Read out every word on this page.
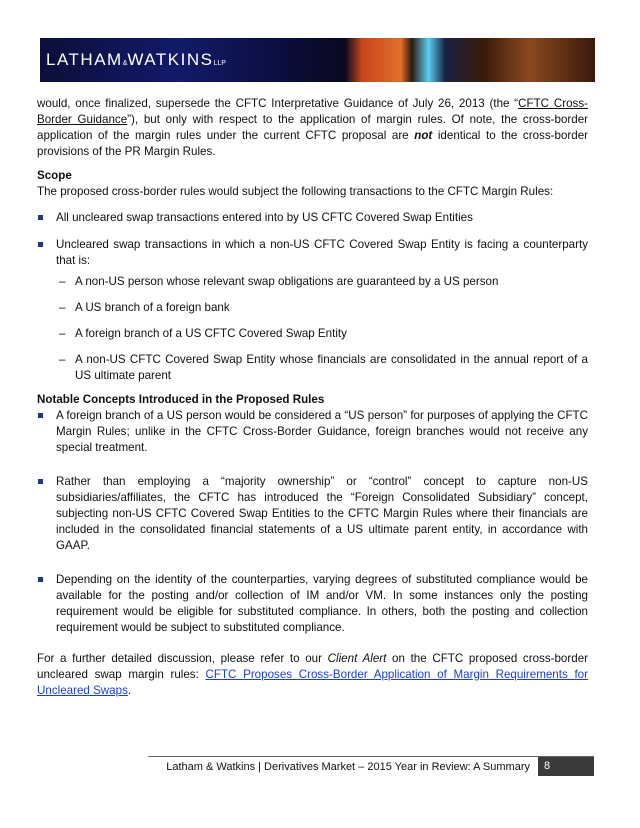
LATHAM&WATKINSLLP
would, once finalized, supersede the CFTC Interpretative Guidance of July 26, 2013 (the “CFTC Cross-Border Guidance”), but only with respect to the application of margin rules. Of note, the cross-border application of the margin rules under the current CFTC proposal are not identical to the cross-border provisions of the PR Margin Rules.
Scope
The proposed cross-border rules would subject the following transactions to the CFTC Margin Rules:
All uncleared swap transactions entered into by US CFTC Covered Swap Entities
Uncleared swap transactions in which a non-US CFTC Covered Swap Entity is facing a counterparty that is:
– A non-US person whose relevant swap obligations are guaranteed by a US person
– A US branch of a foreign bank
– A foreign branch of a US CFTC Covered Swap Entity
– A non-US CFTC Covered Swap Entity whose financials are consolidated in the annual report of a US ultimate parent
Notable Concepts Introduced in the Proposed Rules
A foreign branch of a US person would be considered a “US person” for purposes of applying the CFTC Margin Rules; unlike in the CFTC Cross-Border Guidance, foreign branches would not receive any special treatment.
Rather than employing a “majority ownership” or “control” concept to capture non-US subsidiaries/affiliates, the CFTC has introduced the “Foreign Consolidated Subsidiary” concept, subjecting non-US CFTC Covered Swap Entities to the CFTC Margin Rules where their financials are included in the consolidated financial statements of a US ultimate parent entity, in accordance with GAAP.
Depending on the identity of the counterparties, varying degrees of substituted compliance would be available for the posting and/or collection of IM and/or VM. In some instances only the posting requirement would be eligible for substituted compliance. In others, both the posting and collection requirement would be subject to substituted compliance.
For a further detailed discussion, please refer to our Client Alert on the CFTC proposed cross-border uncleared swap margin rules: CFTC Proposes Cross-Border Application of Margin Requirements for Uncleared Swaps.
Latham & Watkins | Derivatives Market – 2015 Year in Review: A Summary	8
